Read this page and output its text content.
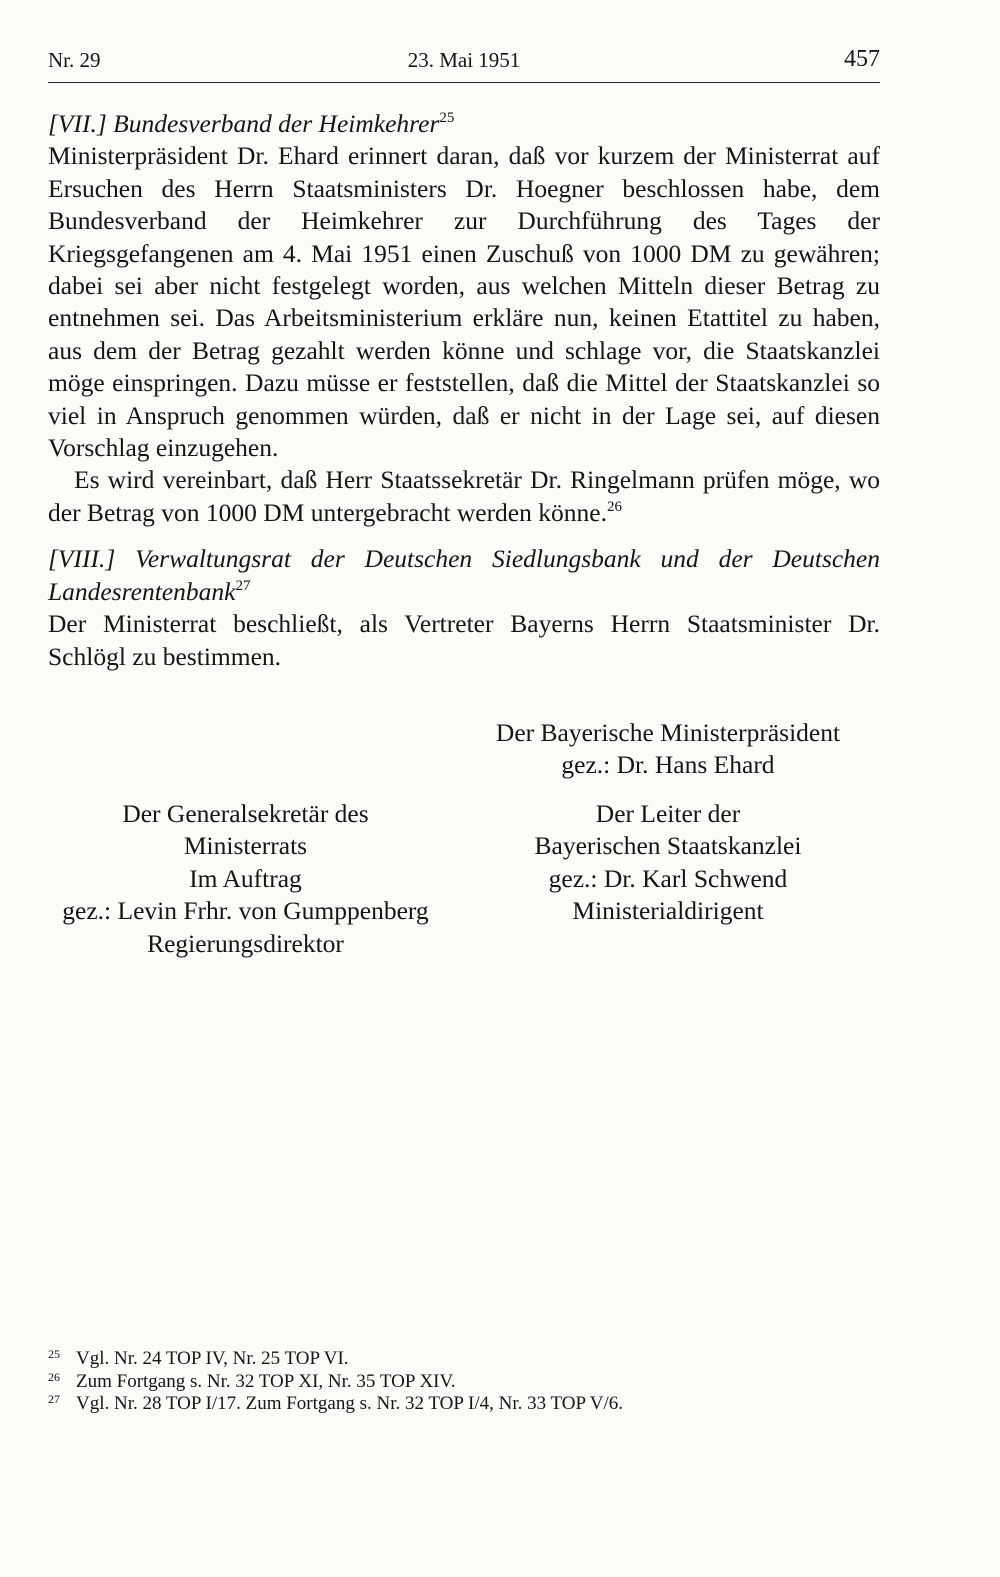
Nr. 29	23. Mai 1951	457

[VII.] Bundesverband der Heimkehrer$^{25}$

Ministerpräsident Dr. Ehard erinnert daran, daß vor kurzem der Ministerrat auf Ersuchen des Herrn Staatsministers Dr. Hoegner beschlossen habe, dem Bundesverband der Heimkehrer zur Durchführung des Tages der Kriegsgefangenen am 4. Mai 1951 einen Zuschuß von 1000 DM zu gewähren; dabei sei aber nicht festgelegt worden, aus welchen Mitteln dieser Betrag zu entnehmen sei. Das Arbeitsministerium erkläre nun, keinen Etattitel zu haben, aus dem der Betrag gezahlt werden könne und schlage vor, die Staatskanzlei möge einspringen. Dazu müsse er feststellen, daß die Mittel der Staatskanzlei so viel in Anspruch genommen würden, daß er nicht in der Lage sei, auf diesen Vorschlag einzugehen.

Es wird vereinbart, daß Herr Staatssekretär Dr. Ringelmann prüfen möge, wo der Betrag von 1000 DM untergebracht werden könne.$^{26}$

[VIII.] Verwaltungsrat der Deutschen Siedlungsbank und der Deutschen Landesrentenbank$^{27}$

Der Ministerrat beschließt, als Vertreter Bayerns Herrn Staatsminister Dr. Schlögl zu bestimmen.

Der Bayerische Ministerpräsident
gez.: Dr. Hans Ehard
Der Generalsekretär des
Ministerrats
Im Auftrag
gez.: Levin Frhr. von Gumppenberg
Regierungsdirektor
Der Leiter der
Bayerischen Staatskanzlei
gez.: Dr. Karl Schwend
Ministerialdirigent
25 Vgl. Nr. 24 TOP IV, Nr. 25 TOP VI.
26 Zum Fortgang s. Nr. 32 TOP XI, Nr. 35 TOP XIV.
27 Vgl. Nr. 28 TOP I/17. Zum Fortgang s. Nr. 32 TOP I/4, Nr. 33 TOP V/6.
